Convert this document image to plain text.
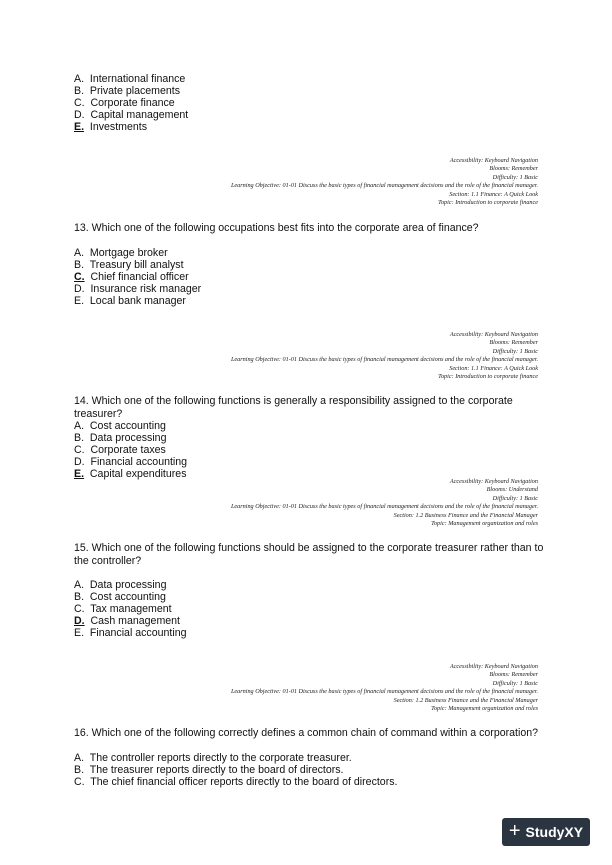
A. International finance
B. Private placements
C. Corporate finance
D. Capital management
E. Investments
Accessibility: Keyboard Navigation
Blooms: Remember
Difficulty: 1 Basic
Learning Objective: 01-01 Discuss the basic types of financial management decisions and the role of the financial manager.
Section: 1.1 Finance: A Quick Look
Topic: Introduction to corporate finance
13. Which one of the following occupations best fits into the corporate area of finance?
A. Mortgage broker
B. Treasury bill analyst
C. Chief financial officer
D. Insurance risk manager
E. Local bank manager
Accessibility: Keyboard Navigation
Blooms: Remember
Difficulty: 1 Basic
Learning Objective: 01-01 Discuss the basic types of financial management decisions and the role of the financial manager.
Section: 1.1 Finance: A Quick Look
Topic: Introduction to corporate finance
14. Which one of the following functions is generally a responsibility assigned to the corporate treasurer?
A. Cost accounting
B. Data processing
C. Corporate taxes
D. Financial accounting
E. Capital expenditures
Accessibility: Keyboard Navigation
Blooms: Understand
Difficulty: 1 Basic
Learning Objective: 01-01 Discuss the basic types of financial management decisions and the role of the financial manager.
Section: 1.2 Business Finance and the Financial Manager
Topic: Management organization and roles
15. Which one of the following functions should be assigned to the corporate treasurer rather than to the controller?
A. Data processing
B. Cost accounting
C. Tax management
D. Cash management
E. Financial accounting
Accessibility: Keyboard Navigation
Blooms: Remember
Difficulty: 1 Basic
Learning Objective: 01-01 Discuss the basic types of financial management decisions and the role of the financial manager.
Section: 1.2 Business Finance and the Financial Manager
Topic: Management organization and roles
16. Which one of the following correctly defines a common chain of command within a corporation?
A. The controller reports directly to the corporate treasurer.
B. The treasurer reports directly to the board of directors.
C. The chief financial officer reports directly to the board of directors.
+ StudyXY
